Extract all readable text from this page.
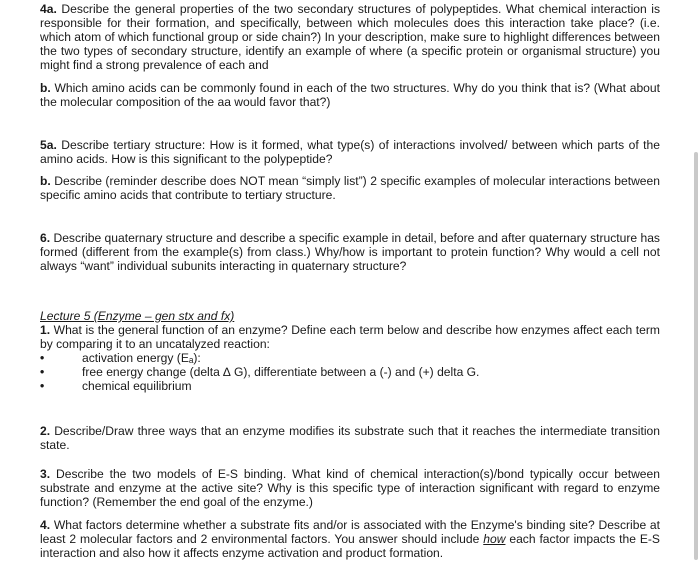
4a. Describe the general properties of the two secondary structures of polypeptides. What chemical interaction is responsible for their formation, and specifically, between which molecules does this interaction take place? (i.e. which atom of which functional group or side chain?) In your description, make sure to highlight differences between the two types of secondary structure, identify an example of where (a specific protein or organismal structure) you might find a strong prevalence of each and

b. Which amino acids can be commonly found in each of the two structures. Why do you think that is? (What about the molecular composition of the aa would favor that?)

5a. Describe tertiary structure: How is it formed, what type(s) of interactions involved/ between which parts of the amino acids. How is this significant to the polypeptide?

b. Describe (reminder describe does NOT mean “simply list”) 2 specific examples of molecular interactions between specific amino acids that contribute to tertiary structure.

6. Describe quaternary structure and describe a specific example in detail, before and after quaternary structure has formed (different from the example(s) from class.) Why/how is important to protein function? Why would a cell not always “want” individual subunits interacting in quaternary structure?

Lecture 5 (Enzyme – gen stx and fx)

1. What is the general function of an enzyme? Define each term below and describe how enzymes affect each term by comparing it to an uncatalyzed reaction:

•	activation energy (Eₐ):
•	free energy change (delta ∆ G), differentiate between a (-) and (+) delta G.
•	chemical equilibrium

2. Describe/Draw three ways that an enzyme modifies its substrate such that it reaches the intermediate transition state.

3. Describe the two models of E-S binding. What kind of chemical interaction(s)/bond typically occur between substrate and enzyme at the active site? Why is this specific type of interaction significant with regard to enzyme function? (Remember the end goal of the enzyme.)

4. What factors determine whether a substrate fits and/or is associated with the Enzyme's binding site? Describe at least 2 molecular factors and 2 environmental factors. You answer should include how each factor impacts the E-S interaction and also how it affects enzyme activation and product formation.
